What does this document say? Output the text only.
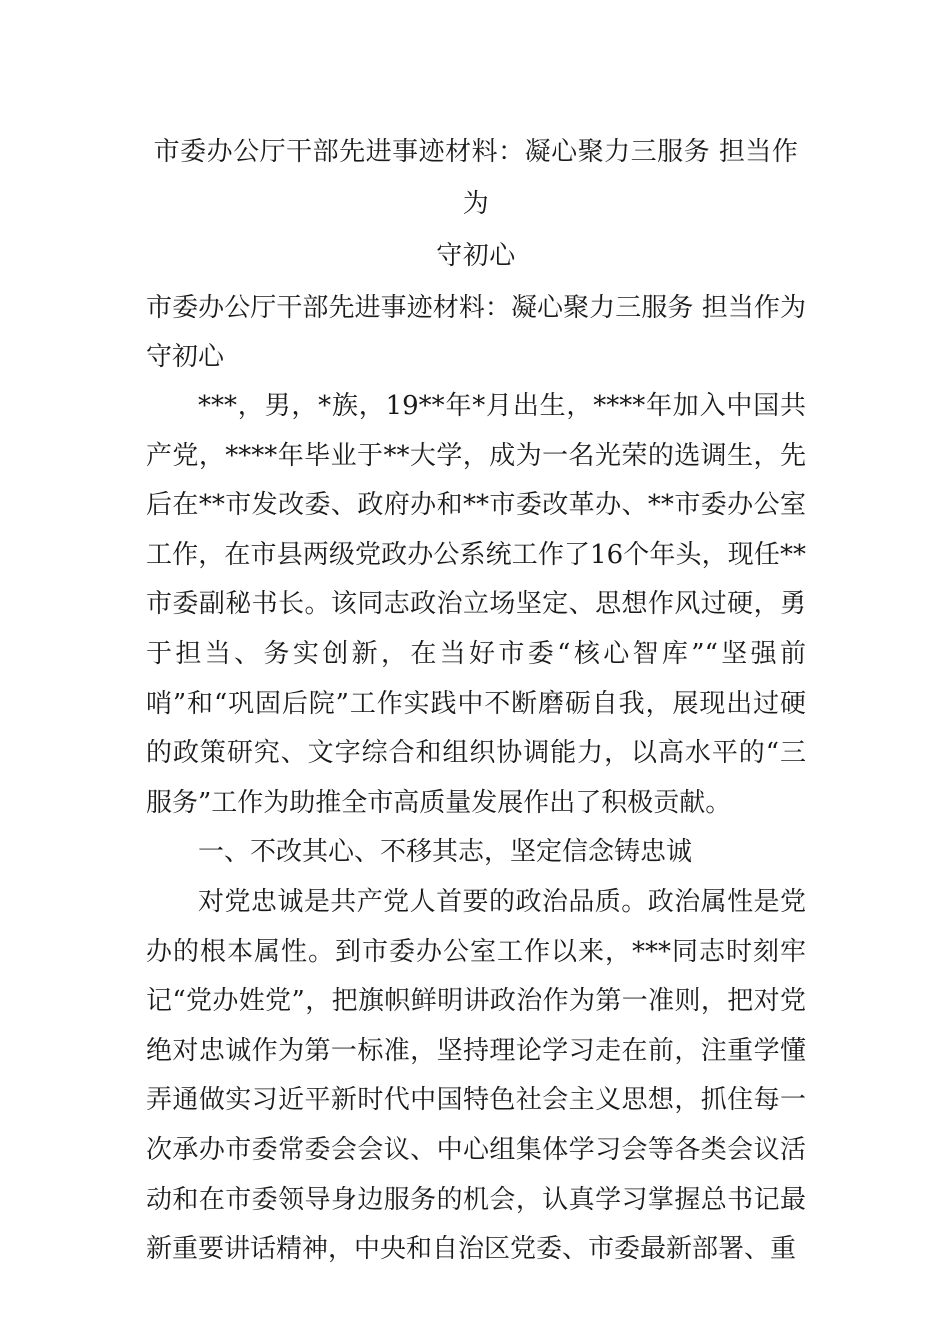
市委办公厅干部先进事迹材料：凝心聚力三服务 担当作为
守初心

市委办公厅干部先进事迹材料：凝心聚力三服务 担当作为守初心

***，男，*族，19**年*月出生，****年加入中国共产党，****年毕业于**大学，成为一名光荣的选调生，先后在**市发改委、政府办和**市委改革办、**市委办公室工作，在市县两级党政办公系统工作了16个年头，现任**市委副秘书长。该同志政治立场坚定、思想作风过硬，勇于担当、务实创新，在当好市委“核心智库”“坚强前哨”和“巩固后院”工作实践中不断磨砺自我，展现出过硬的政策研究、文字综合和组织协调能力，以高水平的“三服务”工作为助推全市高质量发展作出了积极贡献。

一、不改其心、不移其志，坚定信念铸忠诚

对党忠诚是共产党人首要的政治品质。政治属性是党办的根本属性。到市委办公室工作以来，***同志时刻牢记“党办姓党”，把旗帜鲜明讲政治作为第一准则，把对党绝对忠诚作为第一标准，坚持理论学习走在前，注重学懂弄通做实习近平新时代中国特色社会主义思想，抓住每一次承办市委常委会会议、中心组集体学习会等各类会议活动和在市委领导身边服务的机会，认真学习掌握总书记最新重要讲话精神，中央和自治区党委、市委最新部署、重
